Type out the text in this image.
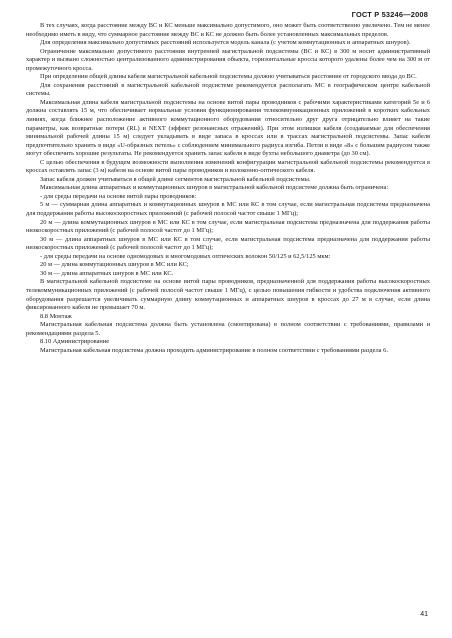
ГОСТ Р 53246—2008

В тех случаях, когда расстояние между ВС и КС меньше максимально допустимого, оно может быть соответственно увеличено. Тем не менее необходимо иметь в виду, что суммарное расстояние между ВС и КС не должно быть более установленных максимальных пределов.

Для определения максимально допустимых расстояний используется модель канала (с учетом коммутационных и аппаратных шнуров).

Ограничение максимально допустимого расстояния внутренней магистральной подсистемы (ВС и КС) в 300 м носит административный характер и вызвано сложностью централизованного администрирования объекта, горизонтальные кроссы которого удалены более чем на 300 м от промежуточного кросса.

При определении общей длины кабеля магистральной кабельной подсистемы должно учитываться расстояние от городского ввода до ВС.

Для сохранения расстояний в магистральной кабельной подсистеме рекомендуется располагать МС в географическом центре кабельной системы.

Максимальная длина кабеля магистральной подсистемы на основе витой пары проводников с рабочими характеристиками категорий 5е и 6 должна составлять 15 м, что обеспечивает нормальные условия функционирования телекоммуникационных приложений в коротких кабельных линиях, когда ближнее расположение активного коммутационного оборудования относительно друг друга отрицательно влияет на такие параметры, как возвратные потери (RL) и NEXT (эффект резонансных отражений). При этом излишки кабеля (создаваемые для обеспечения минимальной рабочей длины 15 м) следует укладывать в виде запаса в кроссах или в трассах магистральной подсистемы. Запас кабеля предпочтительно хранить в виде «U-образных петель» с соблюдением минимального радиуса изгиба. Петли в виде «8» с большим радиусом также могут обеспечить хорошие результаты. Не рекомендуется хранить запас кабеля в виде бухты небольшого диаметра (до 30 см).

С целью обеспечения в будущем возможности выполнения изменений конфигурации магистральной кабельной подсистемы рекомендуется в кроссах оставлять запас (3 м) кабеля на основе витой пары проводников и волоконно-оптического кабеля.

Запас кабеля должен учитываться в общей длине сегментов магистральной кабельной подсистемы.

Максимальная длина аппаратных и коммутационных шнуров в магистральной кабельной подсистеме должна быть ограничена:

- для среды передачи на основе витой пары проводников:

5 м — суммарная длина аппаратных и коммутационных шнуров в МС или КС в том случае, если магистральная подсистема предназначена для поддержания работы высокоскоростных приложений (с рабочей полосой частот свыше 1 МГц);

20 м — длина коммутационных шнуров в МС или КС в том случае, если магистральная подсистема предназначена для поддержания работы низкоскоростных приложений (с рабочей полосой частот до 1 МГц);

30 м — длина аппаратных шнуров в МС или КС в том случае, если магистральная подсистема предназначена для поддержания работы низкоскоростных приложений (с рабочей полосой частот до 1 МГц);

- для среды передачи на основе одномодовых и многомодовых оптических волокон 50/125 и 62,5/125 мкм:

20 м — длина коммутационных шнуров в МС или КС;

30 м — длина аппаратных шнуров в МС или КС.

В магистральной кабельной подсистеме на основе витой пары проводников, предназначенной для поддержания работы высокоскоростных телекоммуникационных приложений (с рабочей полосой частот свыше 1 МГц), с целью повышения гибкости и удобства подключения активного оборудования разрешается увеличивать суммарную длину коммутационных и аппаратных шнуров в кроссах до 27 м в случае, если длина фиксированного кабеля не превышает 70 м.

8.8 Монтаж

Магистральная кабельная подсистема должна быть установлена (смонтирована) в полном соответствии с требованиями, правилами и рекомендациями раздела 5.

8.10 Администрирование

Магистральная кабельная подсистема должна проходить администрирование в полном соответствии с требованиями раздела 6.

41
